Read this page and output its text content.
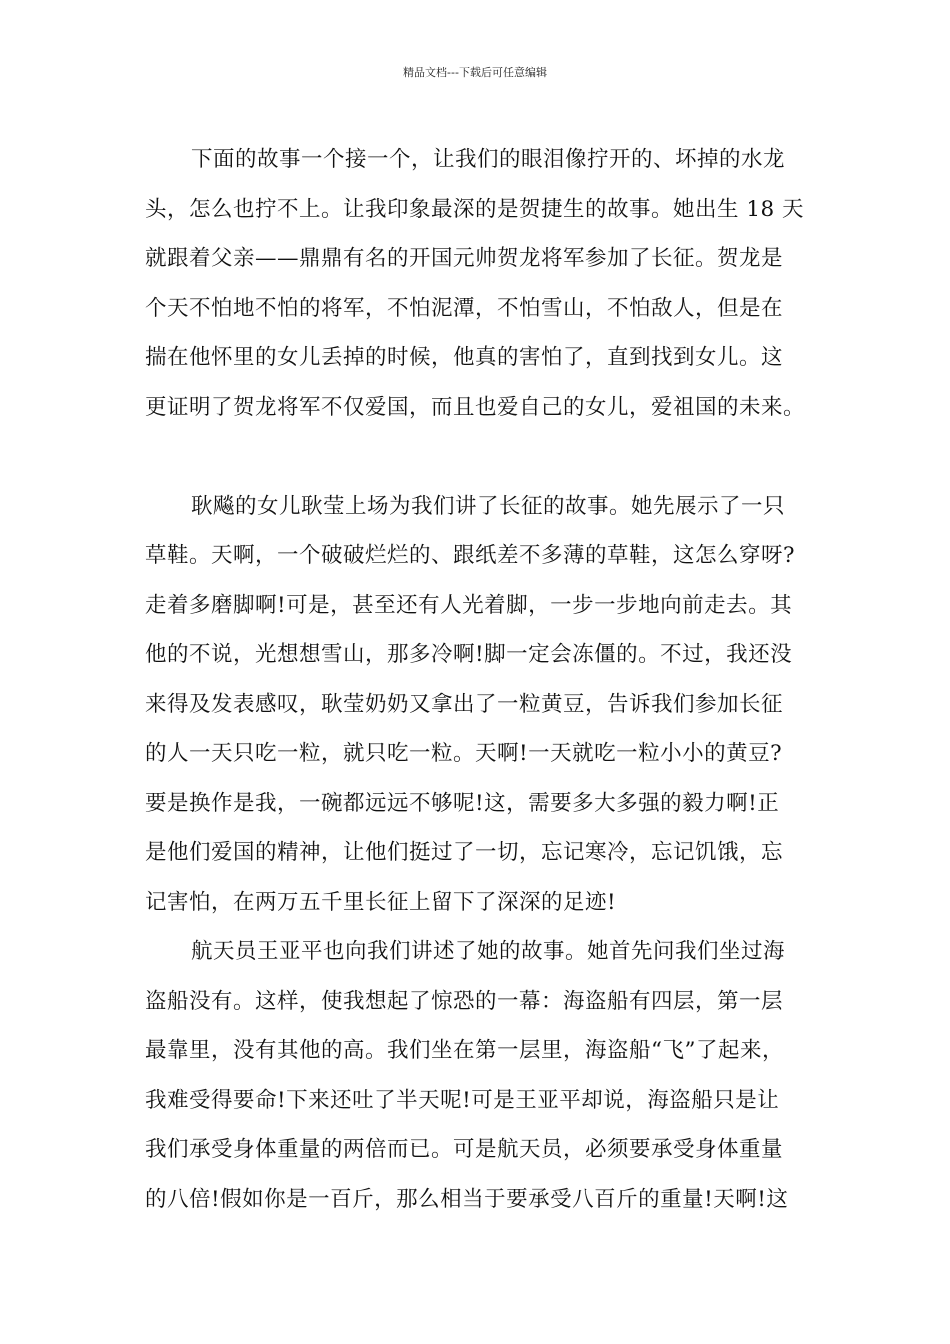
精品文档---下载后可任意编辑
下面的故事一个接一个，让我们的眼泪像拧开的、坏掉的水龙
头，怎么也拧不上。让我印象最深的是贺捷生的故事。她出生 18 天
就跟着父亲——鼎鼎有名的开国元帅贺龙将军参加了长征。贺龙是
个天不怕地不怕的将军，不怕泥潭，不怕雪山，不怕敌人，但是在
揣在他怀里的女儿丢掉的时候，他真的害怕了，直到找到女儿。这
更证明了贺龙将军不仅爱国，而且也爱自己的女儿，爱祖国的未来。
耿飚的女儿耿莹上场为我们讲了长征的故事。她先展示了一只
草鞋。天啊，一个破破烂烂的、跟纸差不多薄的草鞋，这怎么穿呀?
走着多磨脚啊!可是，甚至还有人光着脚，一步一步地向前走去。其
他的不说，光想想雪山，那多冷啊!脚一定会冻僵的。不过，我还没
来得及发表感叹，耿莹奶奶又拿出了一粒黄豆，告诉我们参加长征
的人一天只吃一粒，就只吃一粒。天啊!一天就吃一粒小小的黄豆?
要是换作是我，一碗都远远不够呢!这，需要多大多强的毅力啊!正
是他们爱国的精神，让他们挺过了一切，忘记寒冷，忘记饥饿，忘
记害怕，在两万五千里长征上留下了深深的足迹!
航天员王亚平也向我们讲述了她的故事。她首先问我们坐过海
盗船没有。这样，使我想起了惊恐的一幕：海盗船有四层，第一层
最靠里，没有其他的高。我们坐在第一层里，海盗船“飞”了起来，
我难受得要命!下来还吐了半天呢!可是王亚平却说，海盗船只是让
我们承受身体重量的两倍而已。可是航天员，必须要承受身体重量
的八倍!假如你是一百斤，那么相当于要承受八百斤的重量!天啊!这
